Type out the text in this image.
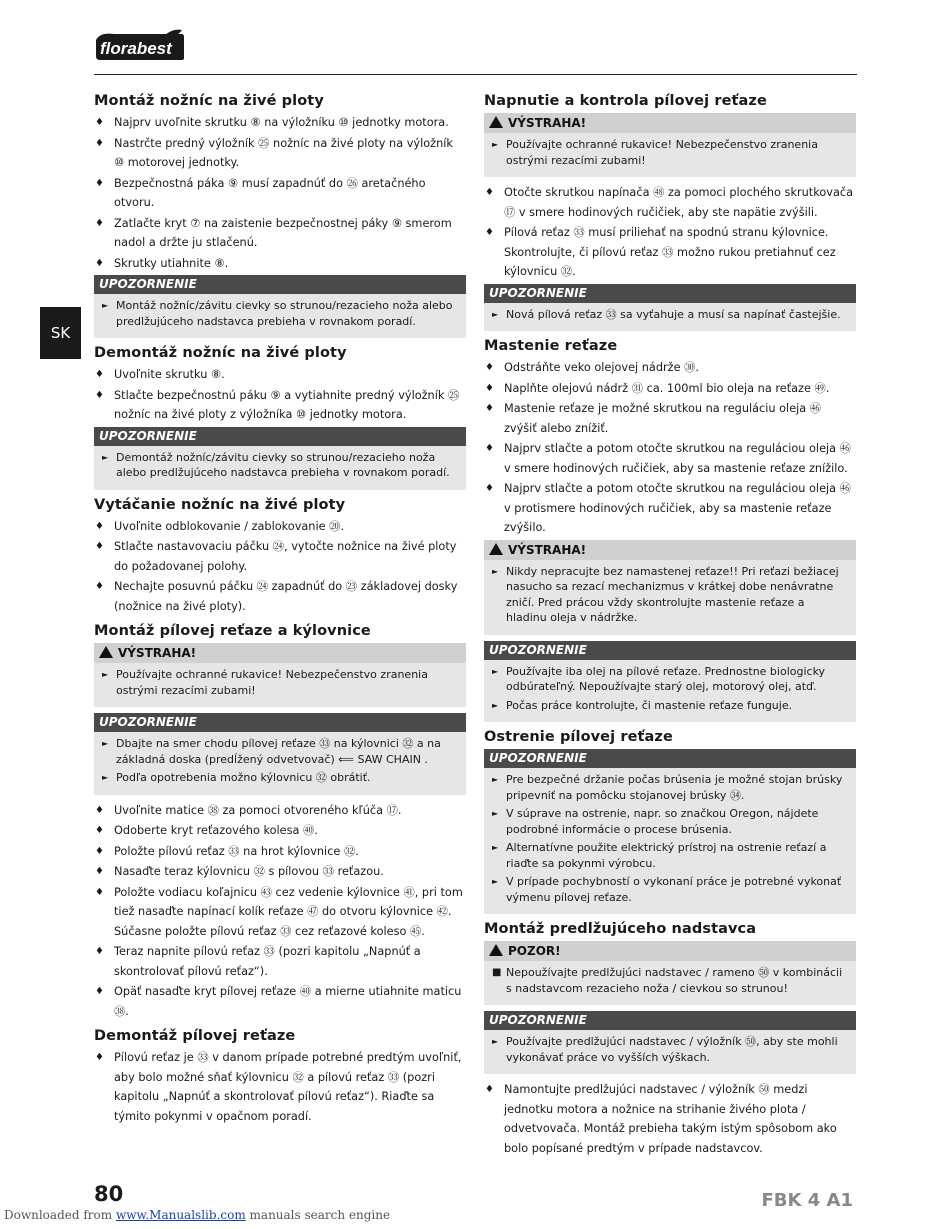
florabest
SK
Montáž nožníc na živé ploty
♦ Najprv uvoľnite skrutku ⑧ na výložníku ⑩ jednotky motora.
♦ Nastrčte predný výložník ㉕ nožníc na živé ploty na výložník ⑩ motorovej jednotky.
♦ Bezpečnostná páka ⑨ musí zapadnúť do ㉖ aretačného otvoru.
♦ Zatlačte kryt ⑦ na zaistenie bezpečnostnej páky ⑨ smerom nadol a držte ju stlačenú.
♦ Skrutky utiahnite ⑧.
UPOZORNENIE
► Montáž nožníc/závitu cievky so strunou/rezacieho noža alebo predlžujúceho nadstavca prebieha v rovnakom poradí.
Demontáž nožníc na živé ploty
♦ Uvoľnite skrutku ⑧.
♦ Stlačte bezpečnostnú páku ⑨ a vytiahnite predný výložník ㉕ nožníc na živé ploty z výložníka ⑩ jednotky motora.
UPOZORNENIE
► Demontáž nožníc/závitu cievky so strunou/rezacieho noža alebo predlžujúceho nadstavca prebieha v rovnakom poradí.
Vytáčanie nožníc na živé ploty
♦ Uvoľnite odblokovanie / zablokovanie ⑳.
♦ Stlačte nastavovaciu páčku ㉔, vytočte nožnice na živé ploty do požadovanej polohy.
♦ Nechajte posuvnú páčku ㉔ zapadnúť do ㉓ základovej dosky (nožnice na živé ploty).
Montáž pílovej reťaze a kýlovnice
VÝSTRAHA!
► Používajte ochranné rukavice! Nebezpečenstvo zranenia ostrými rezacími zubami!
UPOZORNENIE
► Dbajte na smer chodu pílovej reťaze ㉝ na kýlovnici ㉜ a na základná doska (predĺžený odvetvovač) ⟸ SAW CHAIN .
► Podľa opotrebenia možno kýlovnicu ㉜ obrátiť.
♦ Uvoľnite matice ㊳ za pomoci otvoreného kľúča ⑰.
♦ Odoberte kryt reťazového kolesa ㊵.
♦ Položte pílovú reťaz ㉝ na hrot kýlovnice ㉜.
♦ Nasaďte teraz kýlovnicu ㉜ s pílovou ㉝ reťazou.
♦ Položte vodiacu koľajnicu ㊸ cez vedenie kýlovnice ㊶, pri tom tiež nasaďte napínací kolík reťaze ㊼ do otvoru kýlovnice ㊷. Súčasne položte pílovú reťaz ㉝ cez reťazové koleso ㊺.
♦ Teraz napnite pílovú reťaz ㉝ (pozri kapitolu „Napnúť a skontrolovať pílovú reťaz“).
♦ Opäť nasaďte kryt pílovej reťaze ㊵ a mierne utiahnite maticu ㊳.
Demontáž pílovej reťaze
♦ Pílovú reťaz je ㉝ v danom prípade potrebné predtým uvoľniť, aby bolo možné sňať kýlovnicu ㉜ a pílovú reťaz ㉝ (pozri kapitolu „Napnúť a skontrolovať pílovú reťaz“). Riaďte sa týmito pokynmi v opačnom poradí.
Napnutie a kontrola pílovej reťaze
VÝSTRAHA!
► Používajte ochranné rukavice! Nebezpečenstvo zranenia ostrými rezacími zubami!
♦ Otočte skrutkou napínača ㊽ za pomoci plochého skrutkovača ⑰ v smere hodinových ručičiek, aby ste napätie zvýšili.
♦ Pílová reťaz ㉝ musí priliehať na spodnú stranu kýlovnice. Skontrolujte, či pílovú reťaz ㉝ možno rukou pretiahnuť cez kýlovnicu ㉜.
UPOZORNENIE
► Nová pílová reťaz ㉝ sa vyťahuje a musí sa napínať častejšie.
Mastenie reťaze
♦ Odstráňte veko olejovej nádrže ㉚.
♦ Naplňte olejovú nádrž ㉛ ca. 100ml bio oleja na reťaze ㊾.
♦ Mastenie reťaze je možné skrutkou na reguláciu oleja ㊻ zvýšiť alebo znížiť.
♦ Najprv stlačte a potom otočte skrutkou na reguláciou oleja ㊻ v smere hodinových ručičiek, aby sa mastenie reťaze znížilo.
♦ Najprv stlačte a potom otočte skrutkou na reguláciou oleja ㊻ v protismere hodinových ručičiek, aby sa mastenie reťaze zvýšilo.
VÝSTRAHA!
► Nikdy nepracujte bez namastenej reťaze!! Pri reťazi bežiacej nasucho sa rezací mechanizmus v krátkej dobe nenávratne zničí. Pred prácou vždy skontrolujte mastenie reťaze a hladinu oleja v nádržke.
UPOZORNENIE
► Používajte iba olej na pílové reťaze. Prednostne biologicky odbúrateľný. Nepoužívajte starý olej, motorový olej, atď.
► Počas práce kontrolujte, či mastenie reťaze funguje.
Ostrenie pílovej reťaze
UPOZORNENIE
► Pre bezpečné držanie počas brúsenia je možné stojan brúsky pripevniť na pomôcku stojanovej brúsky ㉞.
► V súprave na ostrenie, napr. so značkou Oregon, nájdete podrobné informácie o procese brúsenia.
► Alternatívne použite elektrický prístroj na ostrenie reťazí a riaďte sa pokynmi výrobcu.
► V prípade pochybností o vykonaní práce je potrebné vykonať výmenu pílovej reťaze.
Montáž predlžujúceho nadstavca
POZOR!
■ Nepoužívajte predlžujúci nadstavec / rameno ㊿ v kombinácii s nadstavcom rezacieho noža / cievkou so strunou!
UPOZORNENIE
► Používajte predlžujúci nadstavec / výložník ㊿, aby ste mohli vykonávať práce vo vyšších výškach.
♦ Namontujte predlžujúci nadstavec / výložník ㊿ medzi jednotku motora a nožnice na strihanie živého plota / odvetvovača. Montáž prebieha takým istým spôsobom ako bolo popísané predtým v prípade nadstavcov.
80	FBK 4 A1
Downloaded from www.Manualslib.com manuals search engine
